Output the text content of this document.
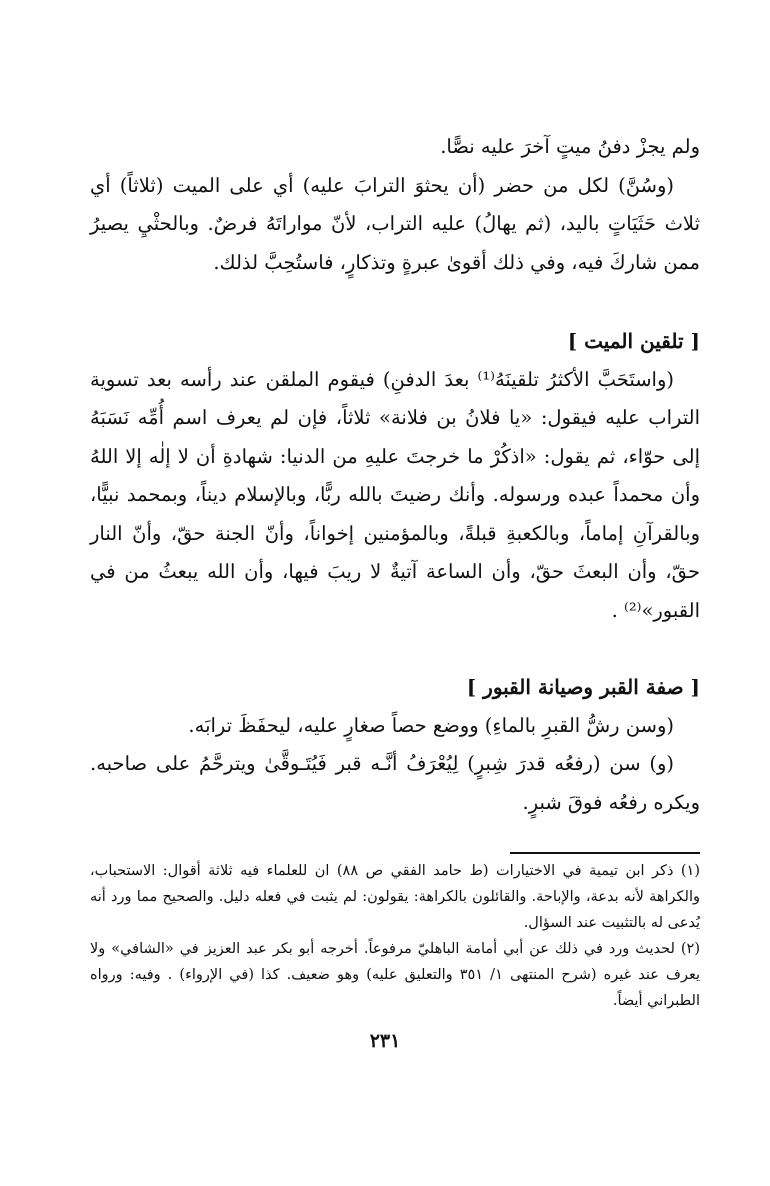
ولم يجزْ دفنُ ميتٍ آخرَ عليه نصًّا.

(وسُنَّ) لكل من حضر (أن يحثوَ الترابَ عليه) أي على الميت (ثلاثاً) أي ثلاث حَثَيَاتٍ باليد، (ثم يهالُ) عليه التراب، لأنّ مواراتَهُ فرضٌ. وبالحثْيِ يصيرُ ممن شاركَ فيه، وفي ذلك أقوىٰ عبرةٍ وتذكارٍ، فاستُحِبَّ لذلك.

[ تلقين الميت ]

(واستَحَبَّ الأكثرُ تلقينَهُ⁽¹⁾ بعدَ الدفنِ) فيقوم الملقن عند رأسه بعد تسوية التراب عليه فيقول: «يا فلانُ بن فلانة» ثلاثاً، فإن لم يعرف اسم أُمِّه نَسَبَهُ إلى حوّاء، ثم يقول: «اذكُرْ ما خرجتَ عليهِ من الدنيا: شهادةِ أن لا إلٰه إلا اللهُ وأن محمداً عبده ورسوله. وأنك رضيتَ بالله ربًّا، وبالإسلام ديناً، وبمحمد نبيًّا، وبالقرآنِ إماماً، وبالكعبةِ قبلةً، وبالمؤمنين إخواناً، وأنّ الجنة حقّ، وأنّ النار حقّ، وأن البعثَ حقّ، وأن الساعة آتيةٌ لا ريبَ فيها، وأن الله يبعثُ من في القبور»⁽²⁾ .

[ صفة القبر وصيانة القبور ]

(وسن رشُّ القبرِ بالماءِ) ووضع حصاً صغارٍ عليه، ليحفَظَ ترابَه.

(و) سن (رفعُه قدرَ شِبرٍ) لِيُعْرَفُ أنَّـه قبر فَيُتَـوقَّىٰ ويترحَّمُ على صاحبه. ويكره رفعُه فوقَ شبرٍ.

(١) ذكر ابن تيمية في الاختيارات (ط حامد الفقي ص ٨٨) ان للعلماء فيه ثلاثة أقوال: الاستحباب، والكراهة لأنه بدعة، والإباحة. والقائلون بالكراهة: يقولون: لم يثبت في فعله دليل. والصحيح مما ورد أنه يُدعى له بالتثبيت عند السؤال.

(٢) لحديث ورد في ذلك عن أبي أمامة الباهليّ مرفوعاً. أخرجه أبو بكر عبد العزيز في «الشافي» ولا يعرف عند غيره (شرح المنتهى ١/ ٣٥١ والتعليق عليه) وهو ضعيف. كذا (في الإرواء) . وفيه: ورواه الطبراني أيضاً.

٢٣١
